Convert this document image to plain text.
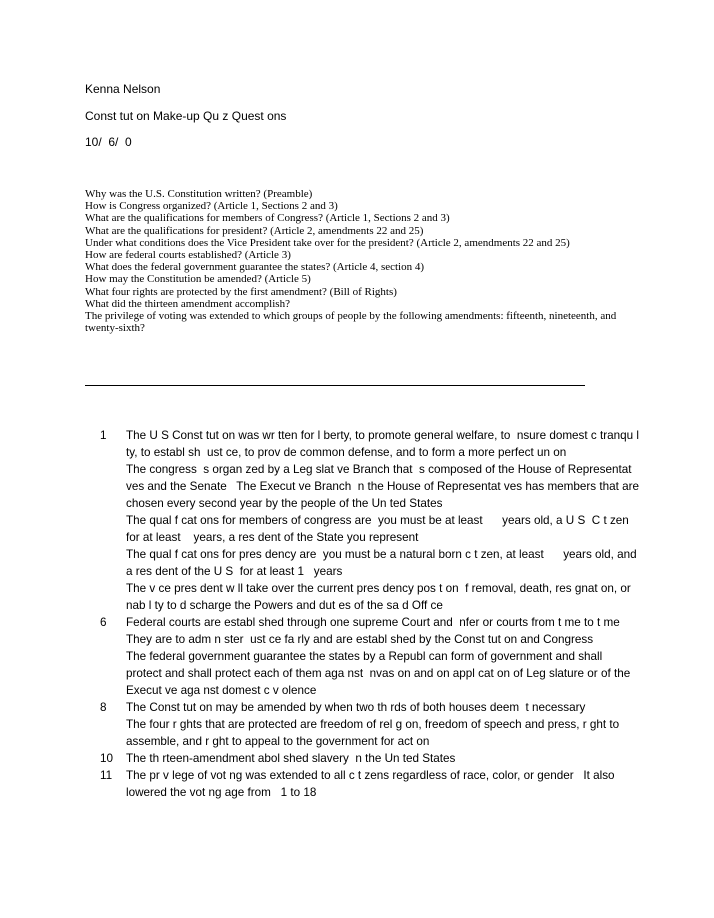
Kenna Nelson
Const tut on Make-up Qu z Quest ons
10/  6/  0
Why was the U.S. Constitution written? (Preamble)
How is Congress organized? (Article 1, Sections 2 and 3)
What are the qualifications for members of Congress? (Article 1, Sections 2 and 3)
What are the qualifications for president? (Article 2, amendments 22 and 25)
Under what conditions does the Vice President take over for the president? (Article 2, amendments 22 and 25)
How are federal courts established? (Article 3)
What does the federal government guarantee the states? (Article 4, section 4)
How may the Constitution be amended? (Article 5)
What four rights are protected by the first amendment? (Bill of Rights)
What did the thirteen amendment accomplish?
The privilege of voting was extended to which groups of people by the following amendments: fifteenth, nineteenth, and twenty-sixth?
1	The U S Const tut on was wr tten for l berty, to promote general welfare, to  nsure domest c tranqu l ty, to establ sh  ust ce, to prov de common defense, and to form a more perfect un on
The congress  s organ zed by a Leg slat ve Branch that  s composed of the House of Representat ves and the Senate   The Execut ve Branch  n the House of Representat ves has members that are chosen every second year by the people of the Un ted States
The qual f cat ons for members of congress are  you must be at least      years old, a U S  C t zen for at least    years, a res dent of the State you represent
The qual f cat ons for pres dency are  you must be a natural born c t zen, at least      years old, and a res dent of the U S  for at least 1   years
The v ce pres dent w ll take over the current pres dency pos t on  f removal, death, res gnat on, or  nab l ty to d scharge the Powers and dut es of the sa d Off ce
6	Federal courts are establ shed through one supreme Court and  nfer or courts from t me to t me They are to adm n ster  ust ce fa rly and are establ shed by the Const tut on and Congress
The federal government guarantee the states by a Republ can form of government and shall protect and shall protect each of them aga nst  nvas on and on appl cat on of Leg slature or of the Execut ve aga nst domest c v olence
8	The Const tut on may be amended by when two th rds of both houses deem  t necessary
The four r ghts that are protected are freedom of rel g on, freedom of speech and press, r ght to assemble, and r ght to appeal to the government for act on
10	The th rteen-amendment abol shed slavery  n the Un ted States
11	The pr v lege of vot ng was extended to all c t zens regardless of race, color, or gender   It also lowered the vot ng age from   1 to 18
